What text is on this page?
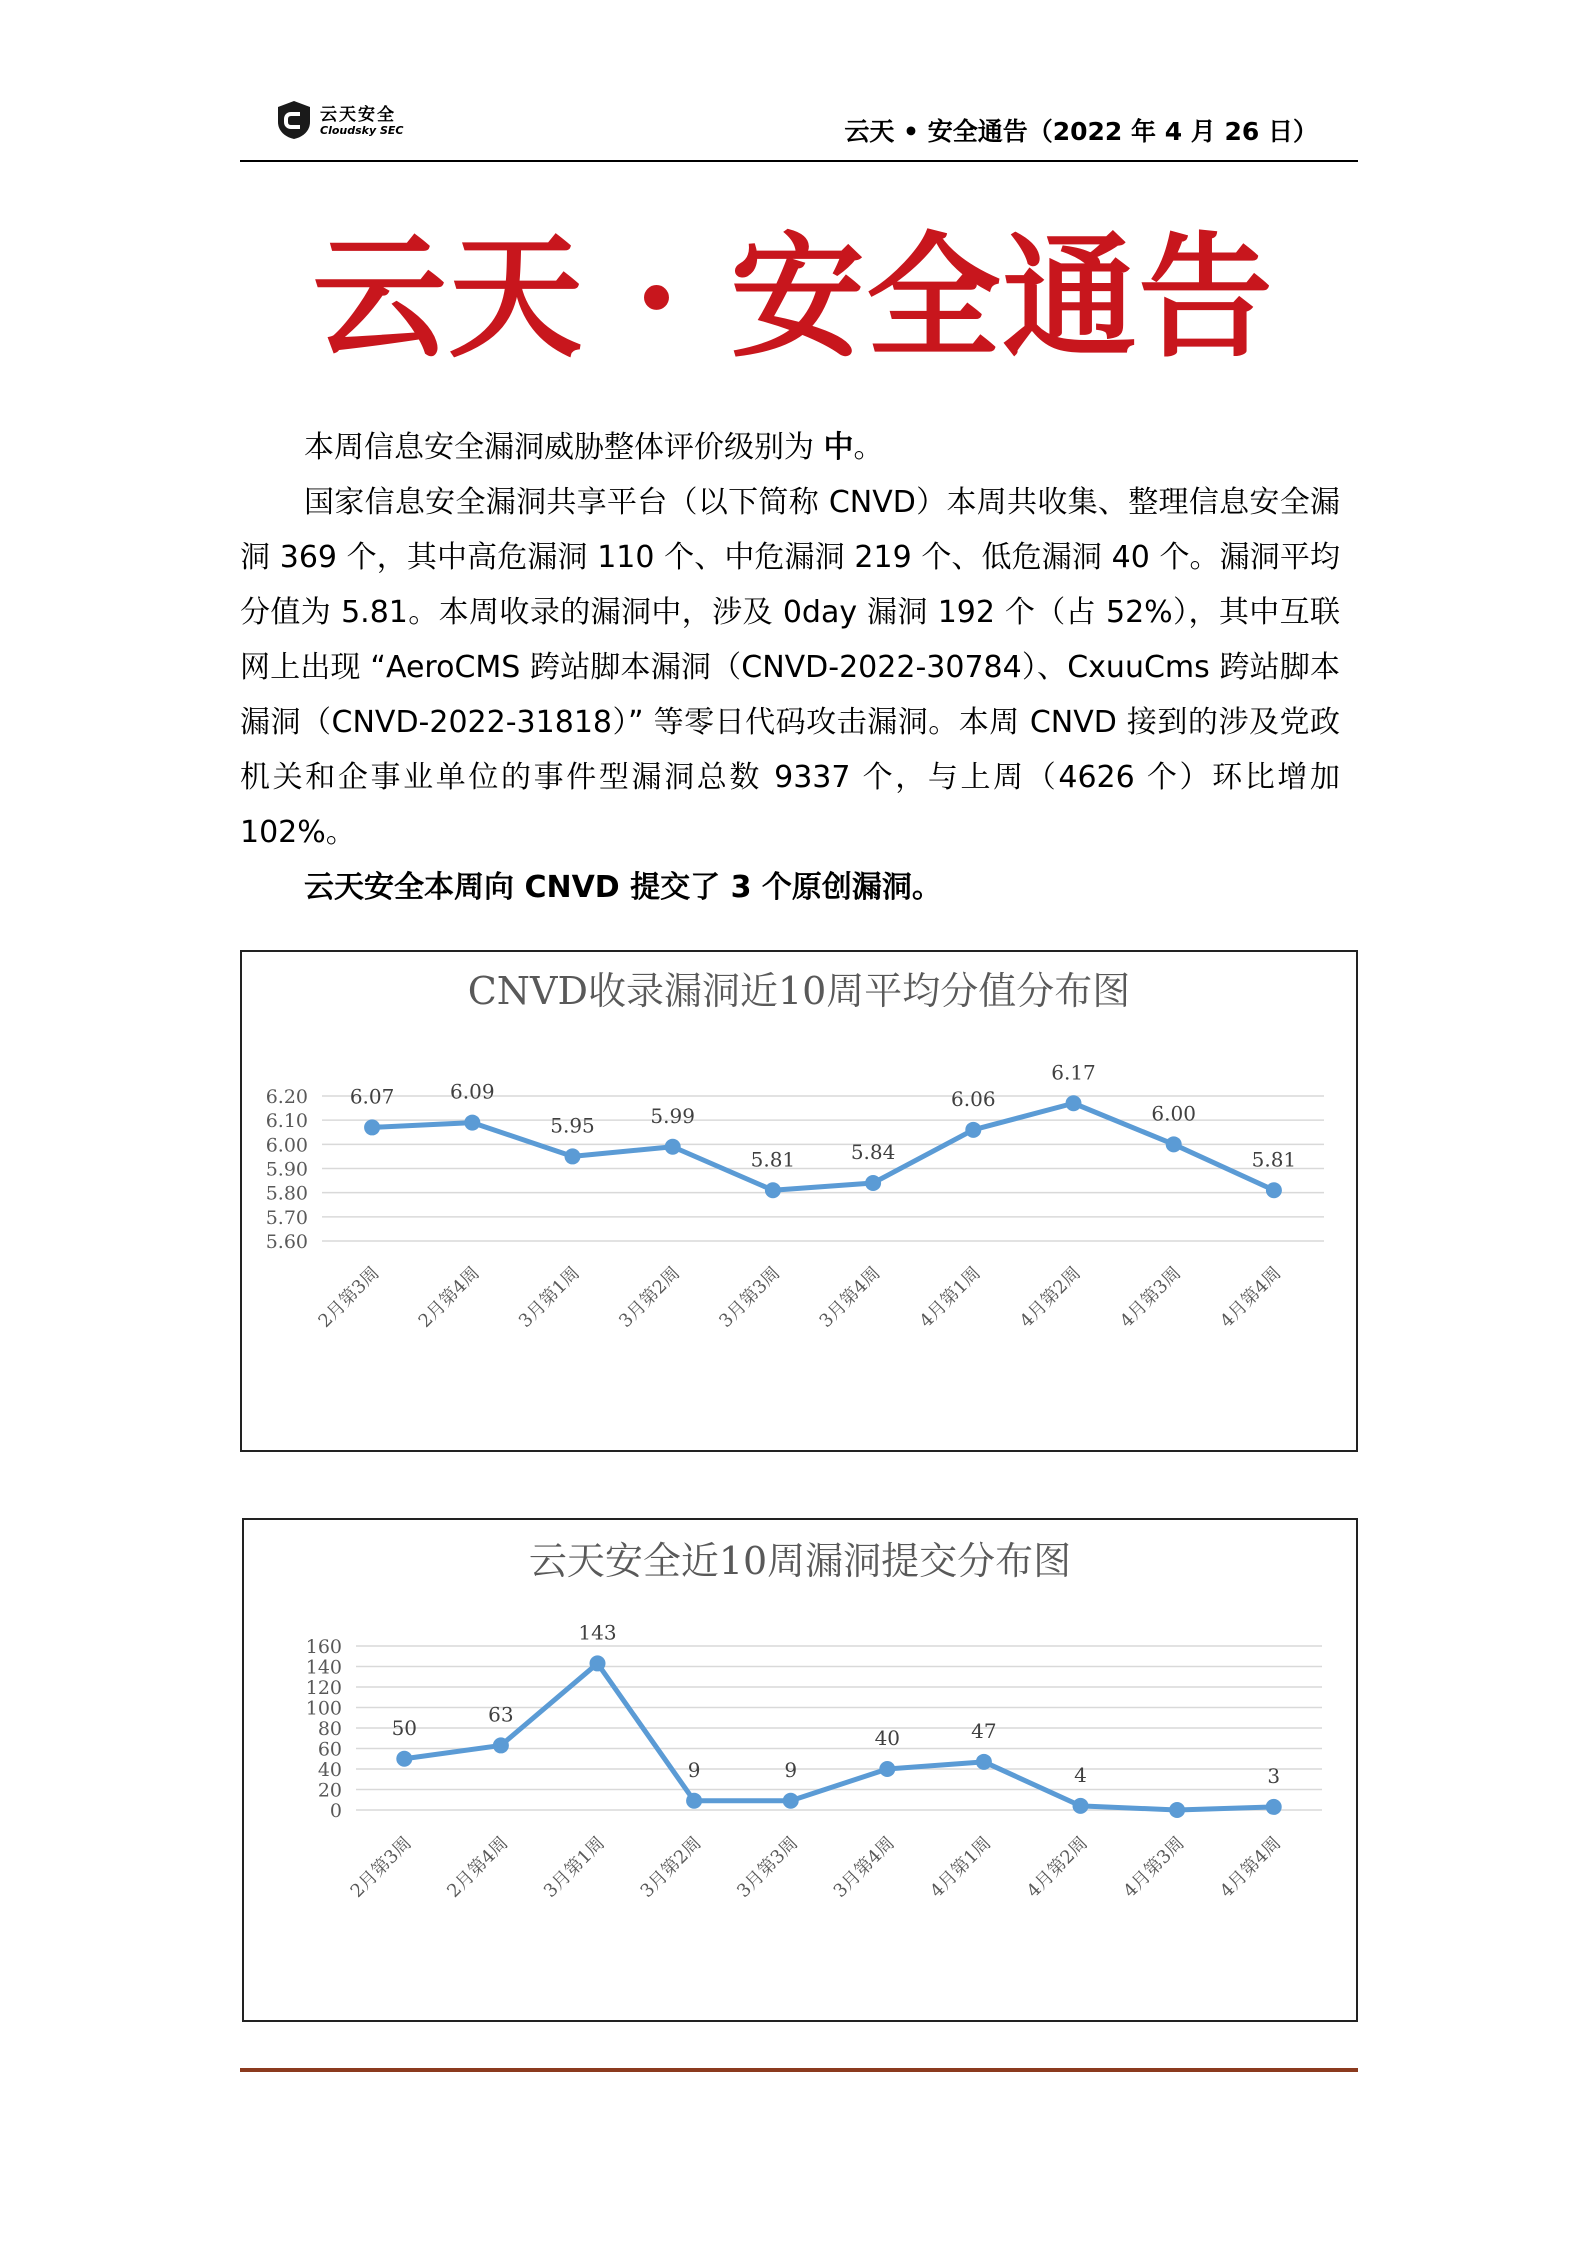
云天安全
Cloudsky SEC	云天 • 安全通告（2022 年 4 月 26 日）
云天 · 安全通告

本周信息安全漏洞威胁整体评价级别为 中。

国家信息安全漏洞共享平台（以下简称 CNVD）本周共收集、整理信息安全漏洞 369 个，其中高危漏洞 110 个、中危漏洞 219 个、低危漏洞 40 个。漏洞平均分值为 5.81。本周收录的漏洞中，涉及 0day 漏洞 192 个（占 52%），其中互联网上出现 “AeroCMS 跨站脚本漏洞（CNVD-2022-30784）、CxuuCms 跨站脚本漏洞（CNVD-2022-31818）” 等零日代码攻击漏洞。本周 CNVD 接到的涉及党政机关和企事业单位的事件型漏洞总数 9337 个，与上周（4626 个）环比增加 102%。

云天安全本周向 CNVD 提交了 3 个原创漏洞。

CNVD收录漏洞近10周平均分值分布图
5.60
5.70
5.80
5.90
6.00
6.10
6.20 6.07
2月第3周
6.09
2月第4周
5.95
3月第1周
5.99
3月第2周
5.81
3月第3周
5.84
3月第4周
6.06
4月第1周
6.17
4月第2周
6.00
4月第3周
5.81
4月第4周
云天安全近10周漏洞提交分布图
0
20
40
60
80
100
120
140
160
50
2月第3周
63
2月第4周
143
3月第1周
9
3月第2周
9
3月第3周
40
3月第4周
47
4月第1周
4
4月第2周 4月第3周
3
4月第4周
